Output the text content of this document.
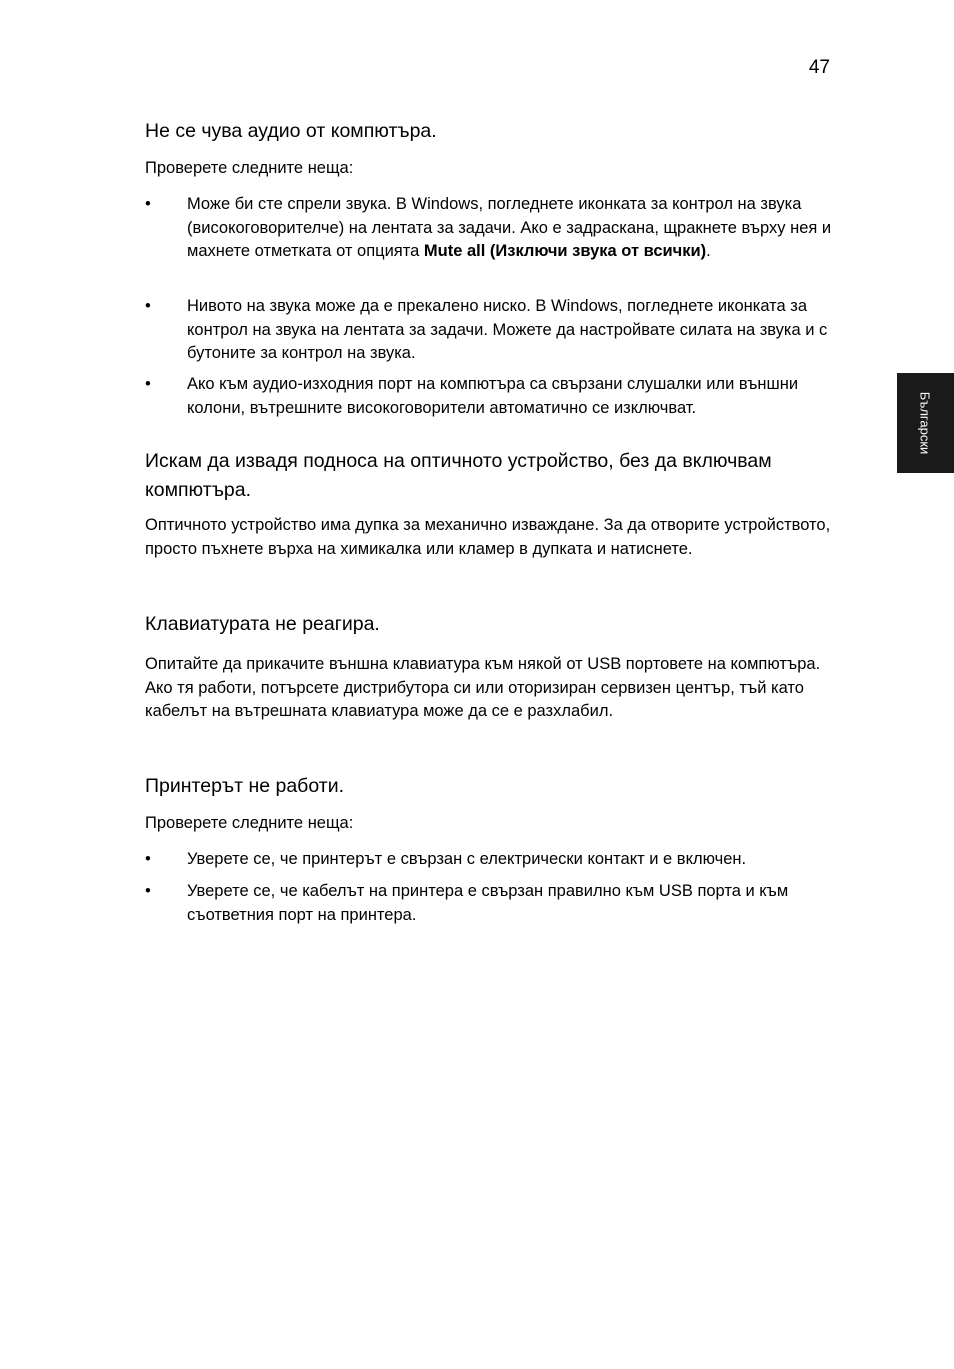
47
Български
Не се чува аудио от компютъра.

Проверете следните неща:

•	Може би сте спрели звука. В Windows, погледнете иконката за контрол на звука (високоговорителче) на лентата за задачи. Ако е задраскана, щракнете върху нея и махнете отметката от опцията Mute all (Изключи звука от всички).
•	Нивото на звука може да е прекалено ниско. В Windows, погледнете иконката за контрол на звука на лентата за задачи. Можете да настройвате силата на звука и с бутоните за контрол на звука.
•	Ако към аудио-изходния порт на компютъра са свързани слушалки или външни колони, вътрешните високоговорители автоматично се изключват.
Искам да извадя подноса на оптичното устройство, без да включвам компютъра.

Оптичното устройство има дупка за механично изваждане. За да отворите устройството, просто пъхнете върха на химикалка или кламер в дупката и натиснете.

Клавиатурата не реагира.

Опитайте да прикачите външна клавиатура към някой от USB портовете на компютъра. Ако тя работи, потърсете дистрибутора си или оторизиран сервизен център, тъй като кабелът на вътрешната клавиатура може да се е разхлабил.

Принтерът не работи.

Проверете следните неща:

•	Уверете се, че принтерът е свързан с електрически контакт и е включен.
•	Уверете се, че кабелът на принтера е свързан правилно към USB порта и към съответния порт на принтера.
